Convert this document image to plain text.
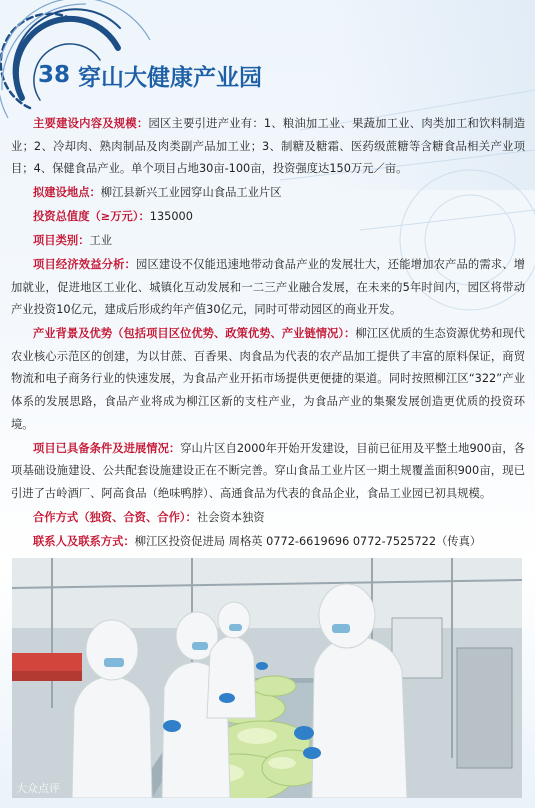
38 穿山大健康产业园

主要建设内容及规模：园区主要引进产业有：1、粮油加工业、果蔬加工业、肉类加工和饮料制造业；2、冷却肉、熟肉制品及肉类副产品加工业；3、制糖及糖霜、医药级蔗糖等含糖食品相关产业项目；4、保健食品产业。单个项目占地30亩-100亩，投资强度达150万元／亩。

拟建设地点：柳江县新兴工业园穿山食品工业片区

投资总值度（≥万元）：135000

项目类别：工业

项目经济效益分析：园区建设不仅能迅速地带动食品产业的发展壮大，还能增加农产品的需求、增加就业，促进地区工业化、城镇化互动发展和一二三产业融合发展，在未来的5年时间内，园区将带动产业投资10亿元，建成后形成约年产值30亿元，同时可带动园区的商业开发。

产业背景及优势（包括项目区位优势、政策优势、产业链情况）：柳江区优质的生态资源优势和现代农业核心示范区的创建，为以甘蔗、百香果、肉食品为代表的农产品加工提供了丰富的原料保证，商贸物流和电子商务行业的快速发展，为食品产业开拓市场提供更便捷的渠道。同时按照柳江区“322”产业体系的发展思路，食品产业将成为柳江区新的支柱产业，为食品产业的集聚发展创造更优质的投资环境。

项目已具备条件及进展情况：穿山片区自2000年开始开发建设，目前已征用及平整土地900亩，各项基础设施建设、公共配套设施建设正在不断完善。穿山食品工业片区一期土规覆盖面积900亩，现已引进了古岭酒厂、阿高食品（绝味鸭脖）、高通食品为代表的食品企业，食品工业园已初具规模。

合作方式（独资、合资、合作）：社会资本独资

联系人及联系方式：柳江区投资促进局 周格英 0772-6619696 0772-7525722（传真）

大众点评
